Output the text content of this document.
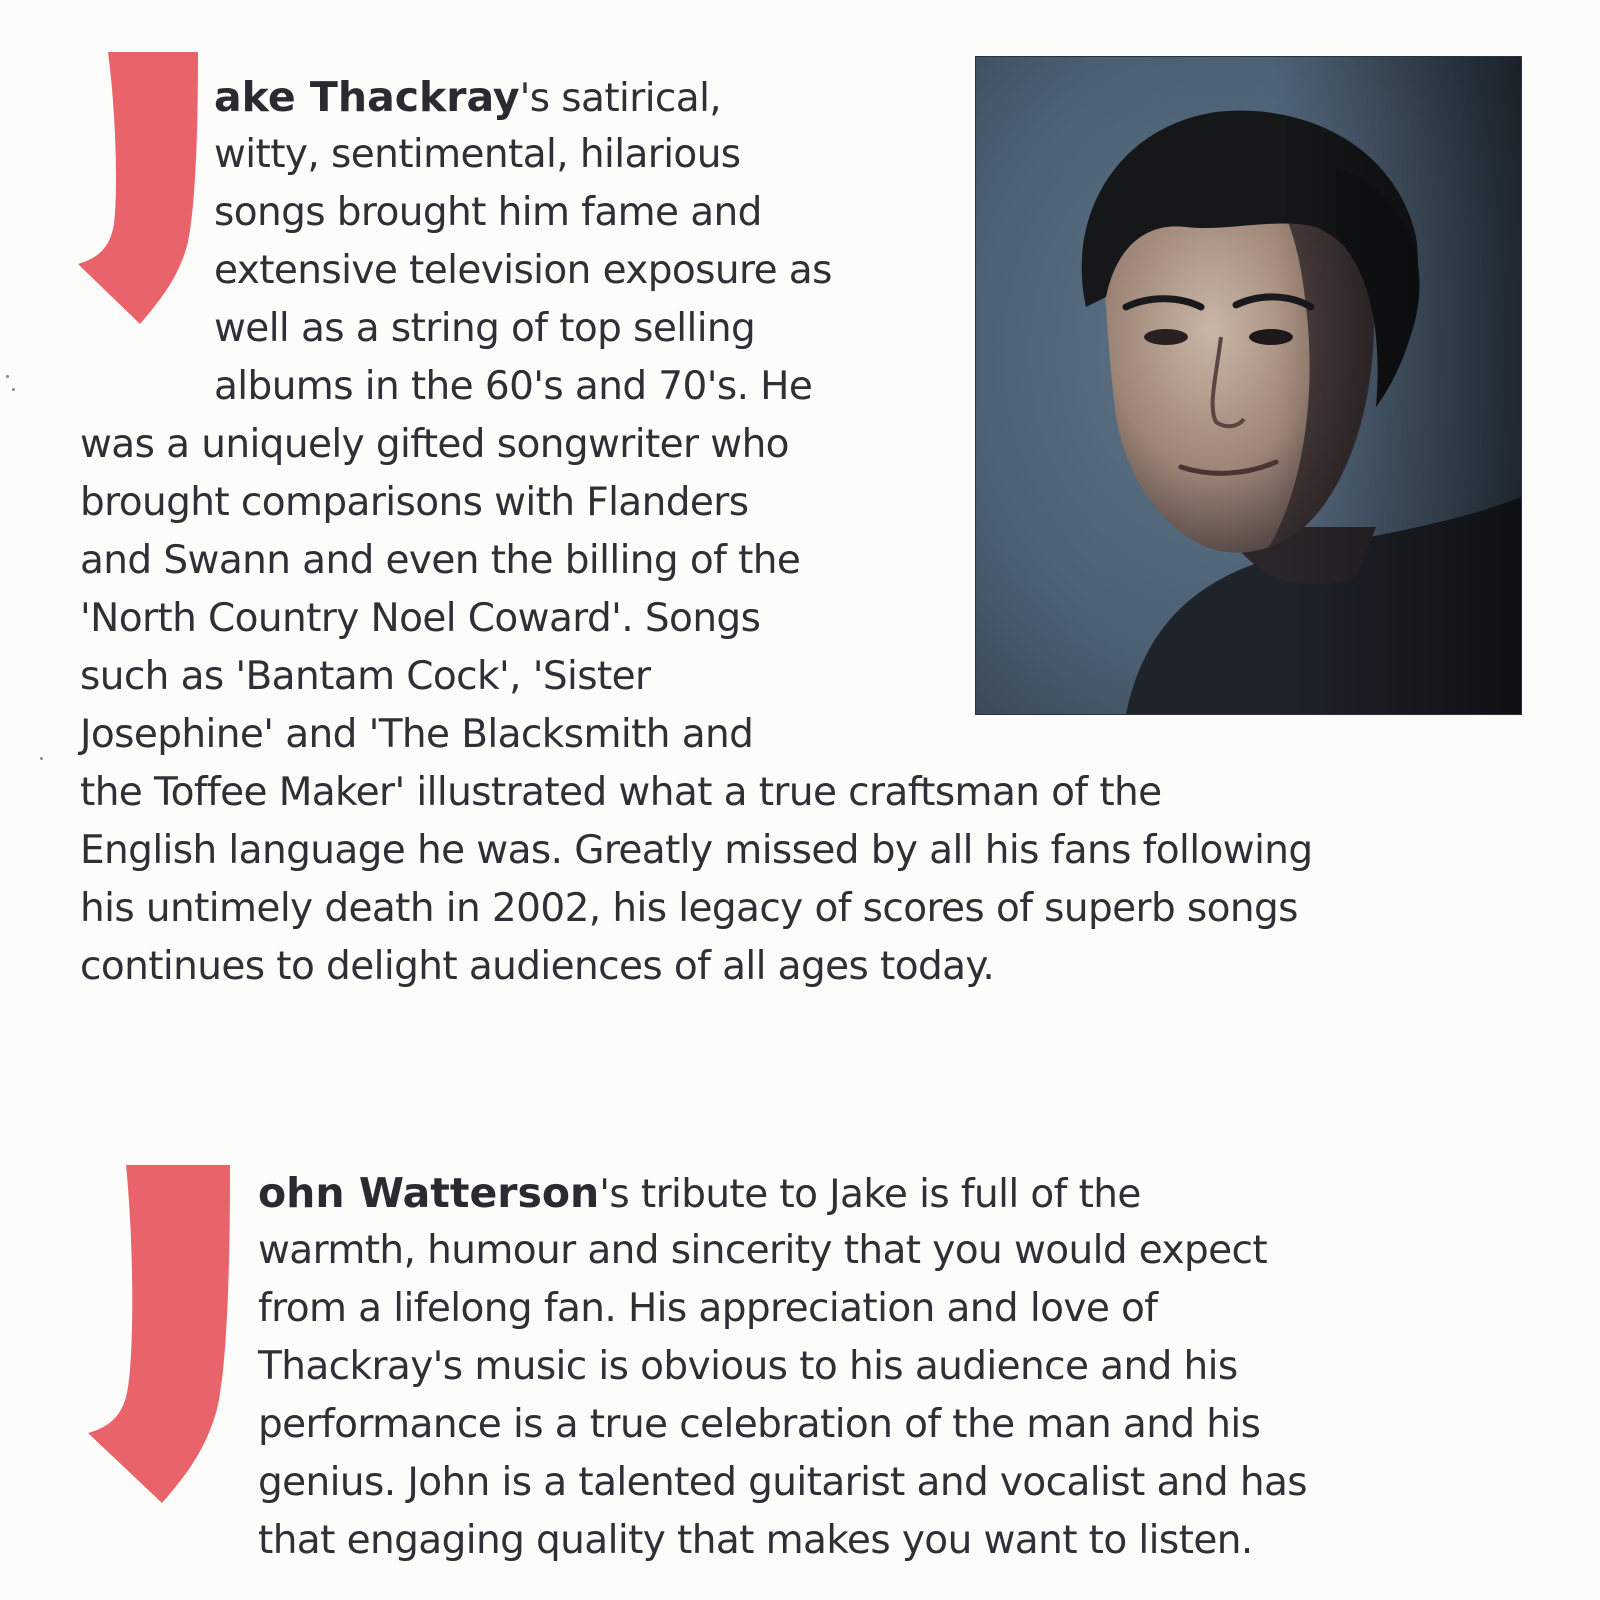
ake Thackray's satirical,
witty, sentimental, hilarious
songs brought him fame and
extensive television exposure as
well as a string of top selling
albums in the 60's and 70's. He
was a uniquely gifted songwriter who
brought comparisons with Flanders
and Swann and even the billing of the
'North Country Noel Coward'. Songs
such as 'Bantam Cock', 'Sister
Josephine' and 'The Blacksmith and
the Toffee Maker' illustrated what a true craftsman of the
English language he was. Greatly missed by all his fans following
his untimely death in 2002, his legacy of scores of superb songs
continues to delight audiences of all ages today.
ohn Watterson's tribute to Jake is full of the
warmth, humour and sincerity that you would expect
from a lifelong fan. His appreciation and love of
Thackray's music is obvious to his audience and his
performance is a true celebration of the man and his
genius. John is a talented guitarist and vocalist and has
that engaging quality that makes you want to listen.
